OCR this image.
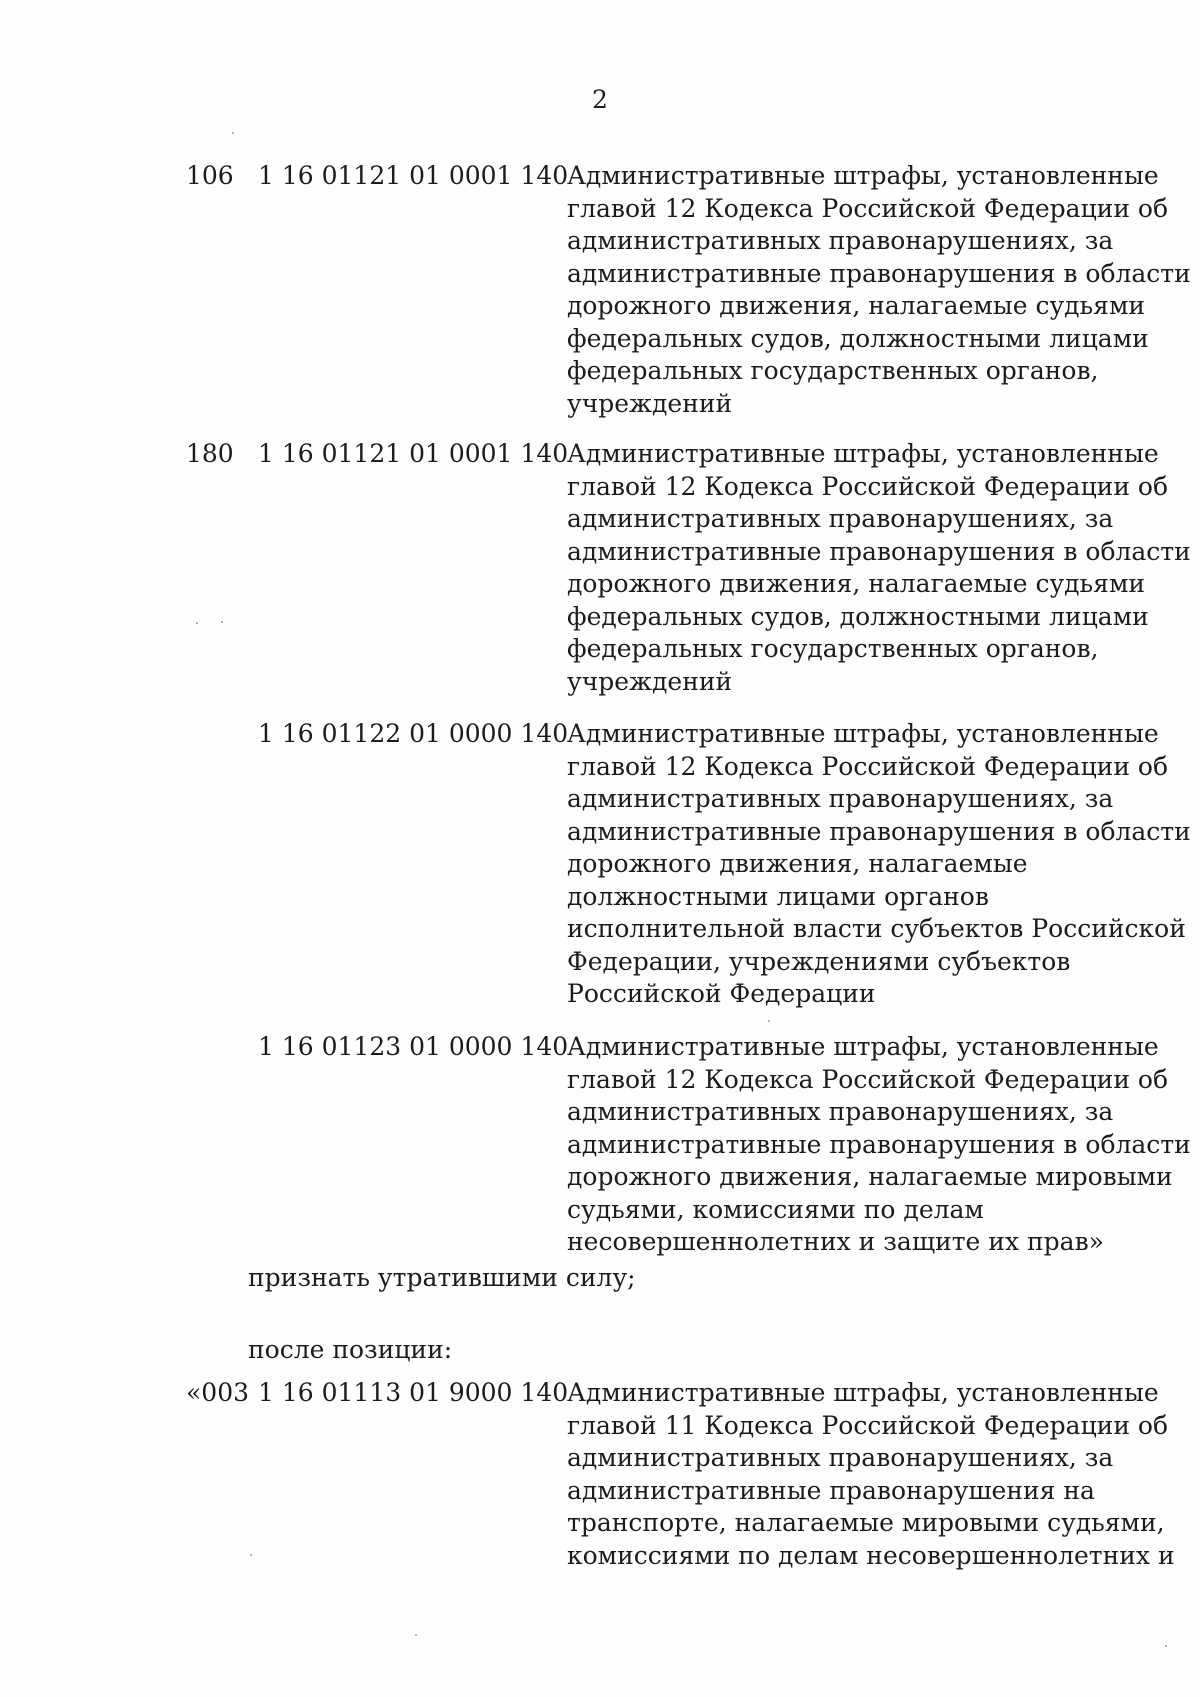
2
106 1 16 01121 01 0001 140
Административные штрафы, установленные
главой 12 Кодекса Российской Федерации об
административных правонарушениях, за
административные правонарушения в области
дорожного движения, налагаемые судьями
федеральных судов, должностными лицами
федеральных государственных органов,
учреждений
180 1 16 01121 01 0001 140
Административные штрафы, установленные
главой 12 Кодекса Российской Федерации об
административных правонарушениях, за
административные правонарушения в области
дорожного движения, налагаемые судьями
федеральных судов, должностными лицами
федеральных государственных органов,
учреждений
1 16 01122 01 0000 140
Административные штрафы, установленные
главой 12 Кодекса Российской Федерации об
административных правонарушениях, за
административные правонарушения в области
дорожного движения, налагаемые
должностными лицами органов
исполнительной власти субъектов Российской
Федерации, учреждениями субъектов
Российской Федерации
1 16 01123 01 0000 140
Административные штрафы, установленные
главой 12 Кодекса Российской Федерации об
административных правонарушениях, за
административные правонарушения в области
дорожного движения, налагаемые мировыми
судьями, комиссиями по делам
несовершеннолетних и защите их прав»
признать утратившими силу;
после позиции:
«003 1 16 01113 01 9000 140
Административные штрафы, установленные
главой 11 Кодекса Российской Федерации об
административных правонарушениях, за
административные правонарушения на
транспорте, налагаемые мировыми судьями,
комиссиями по делам несовершеннолетних и
